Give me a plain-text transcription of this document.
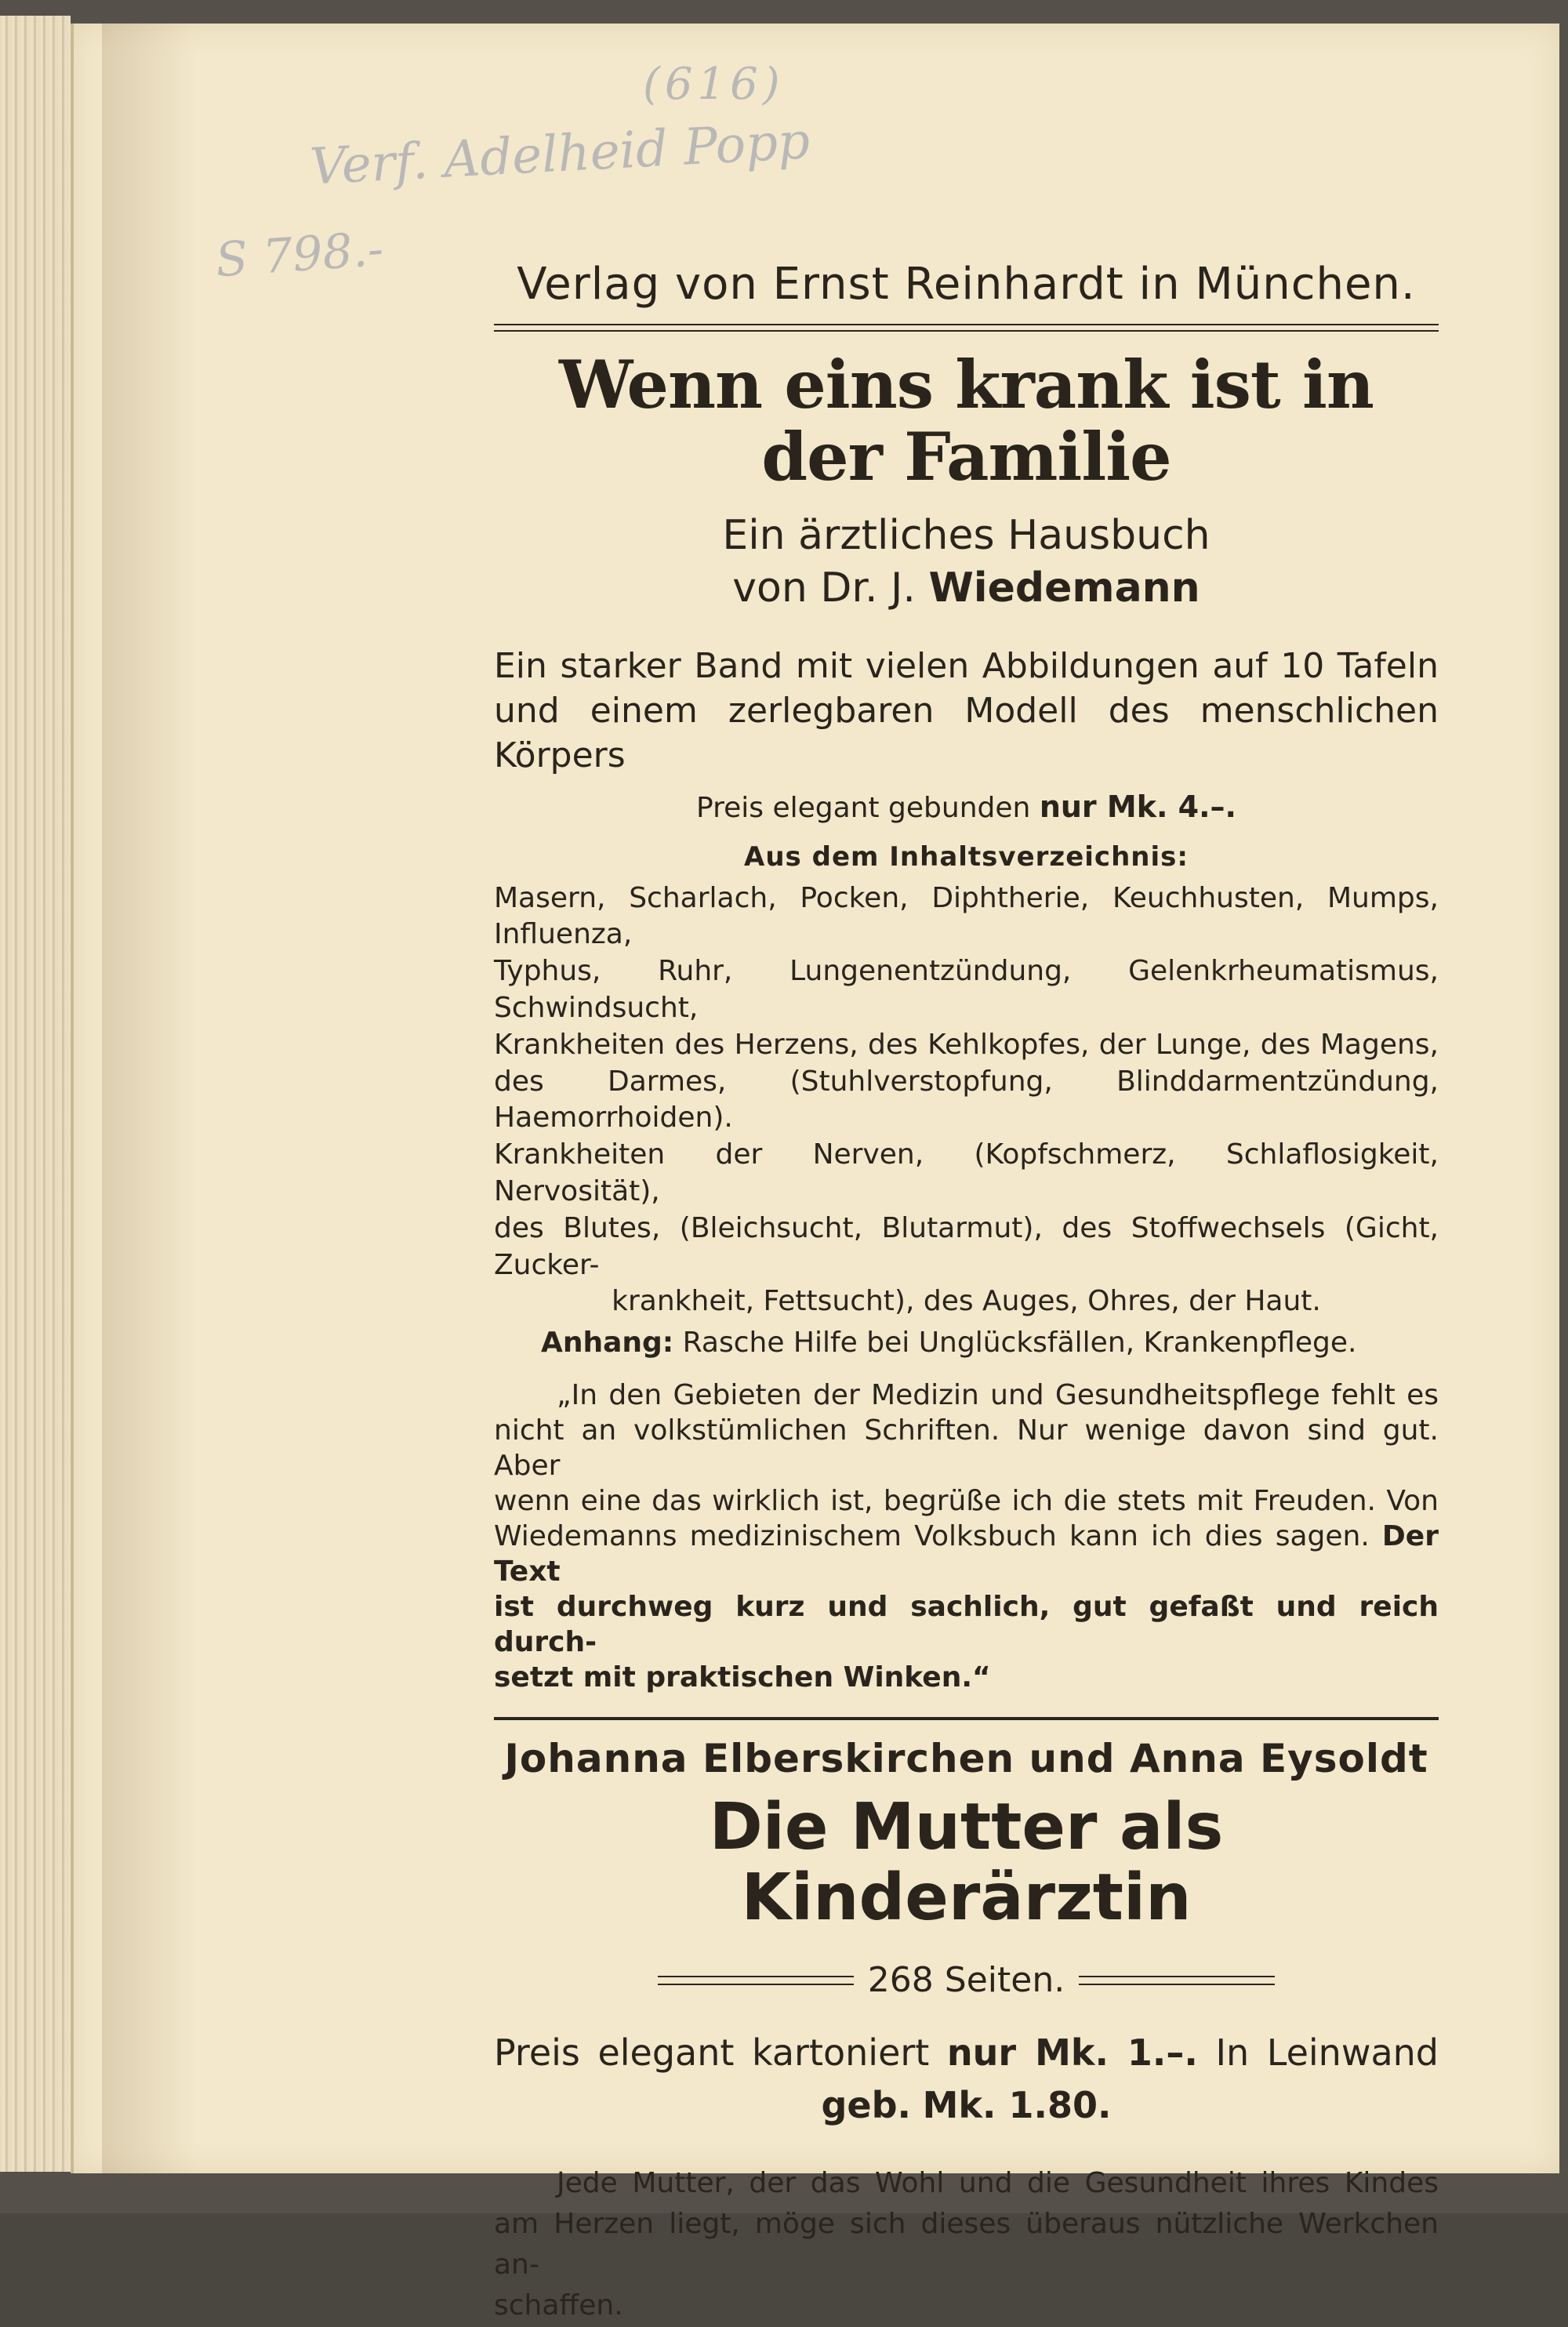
(616)
Verf. Adelheid Popp
S 798.-	Verlag von Ernst Reinhardt in München.
Wenn eins krank ist in der Familie
Ein ärztliches Hausbuch
von Dr. J. Wiedemann
Ein starker Band mit vielen Abbildungen auf 10 Tafeln
und einem zerlegbaren Modell des menschlichen Körpers
Preis elegant gebunden nur Mk. 4.–.
Aus dem Inhaltsverzeichnis:
Masern, Scharlach, Pocken, Diphtherie, Keuchhusten, Mumps, Influenza,
Typhus, Ruhr, Lungenentzündung, Gelenkrheumatismus, Schwindsucht,
Krankheiten des Herzens, des Kehlkopfes, der Lunge, des Magens,
des Darmes, (Stuhlverstopfung, Blinddarmentzündung, Haemorrhoiden).
Krankheiten der Nerven, (Kopfschmerz, Schlaflosigkeit, Nervosität),
des Blutes, (Bleichsucht, Blutarmut), des Stoffwechsels (Gicht, Zucker-
krankheit, Fettsucht), des Auges, Ohres, der Haut.
Anhang: Rasche Hilfe bei Unglücksfällen, Krankenpflege.
„In den Gebieten der Medizin und Gesundheitspflege fehlt es
nicht an volkstümlichen Schriften. Nur wenige davon sind gut. Aber
wenn eine das wirklich ist, begrüße ich die stets mit Freuden. Von
Wiedemanns medizinischem Volksbuch kann ich dies sagen. Der Text
ist durchweg kurz und sachlich, gut gefaßt und reich durch-
setzt mit praktischen Winken.“
Johanna Elberskirchen und Anna Eysoldt
Die Mutter als Kinderärztin
268 Seiten.
Preis elegant kartoniert nur Mk. 1.–. In Leinwand
geb. Mk. 1.80.
Jede Mutter, der das Wohl und die Gesundheit ihres Kindes
am Herzen liegt, möge sich dieses überaus nützliche Werkchen an-
schaffen.
